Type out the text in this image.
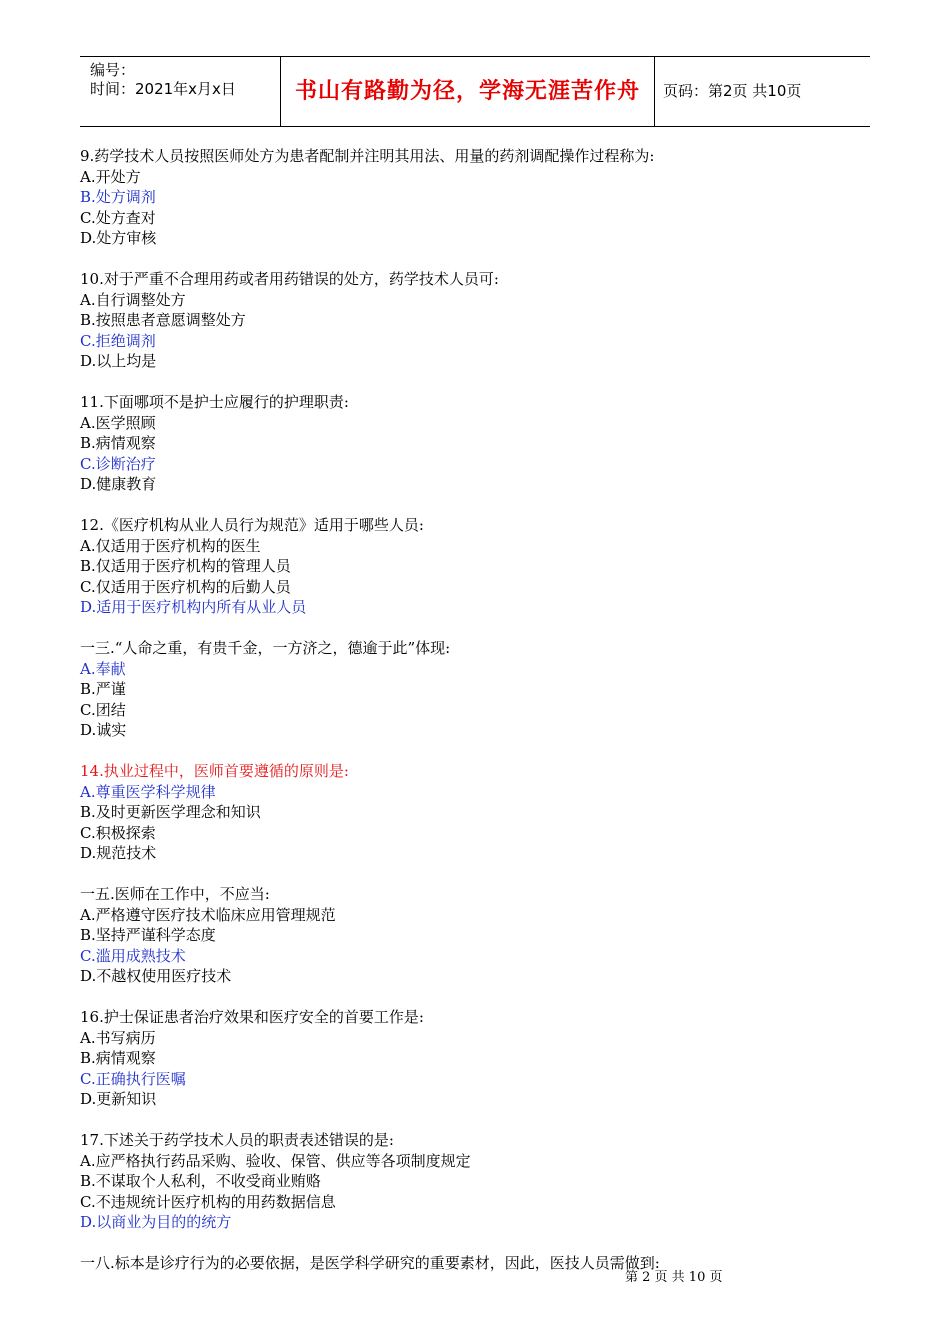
编号：
时间：2021年x月x日	书山有路勤为径，学海无涯苦作舟	页码：第2页 共10页
9.药学技术人员按照医师处方为患者配制并注明其用法、用量的药剂调配操作过程称为:
A.开处方
B.处方调剂
C.处方查对
D.处方审核
10.对于严重不合理用药或者用药错误的处方，药学技术人员可:
A.自行调整处方
B.按照患者意愿调整处方
C.拒绝调剂
D.以上均是
11.下面哪项不是护士应履行的护理职责:
A.医学照顾
B.病情观察
C.诊断治疗
D.健康教育
12.《医疗机构从业人员行为规范》适用于哪些人员:
A.仅适用于医疗机构的医生
B.仅适用于医疗机构的管理人员
C.仅适用于医疗机构的后勤人员
D.适用于医疗机构内所有从业人员
一三.“人命之重，有贵千金，一方济之，德逾于此”体现:
A.奉献
B.严谨
C.团结
D.诚实
14.执业过程中，医师首要遵循的原则是:
A.尊重医学科学规律
B.及时更新医学理念和知识
C.积极探索
D.规范技术
一五.医师在工作中，不应当:
A.严格遵守医疗技术临床应用管理规范
B.坚持严谨科学态度
C.滥用成熟技术
D.不越权使用医疗技术
16.护士保证患者治疗效果和医疗安全的首要工作是:
A.书写病历
B.病情观察
C.正确执行医嘱
D.更新知识
17.下述关于药学技术人员的职责表述错误的是:
A.应严格执行药品采购、验收、保管、供应等各项制度规定
B.不谋取个人私利，不收受商业贿赂
C.不违规统计医疗机构的用药数据信息
D.以商业为目的的统方
一八.标本是诊疗行为的必要依据，是医学科学研究的重要素材，因此，医技人员需做到:
第 2 页 共 10 页
